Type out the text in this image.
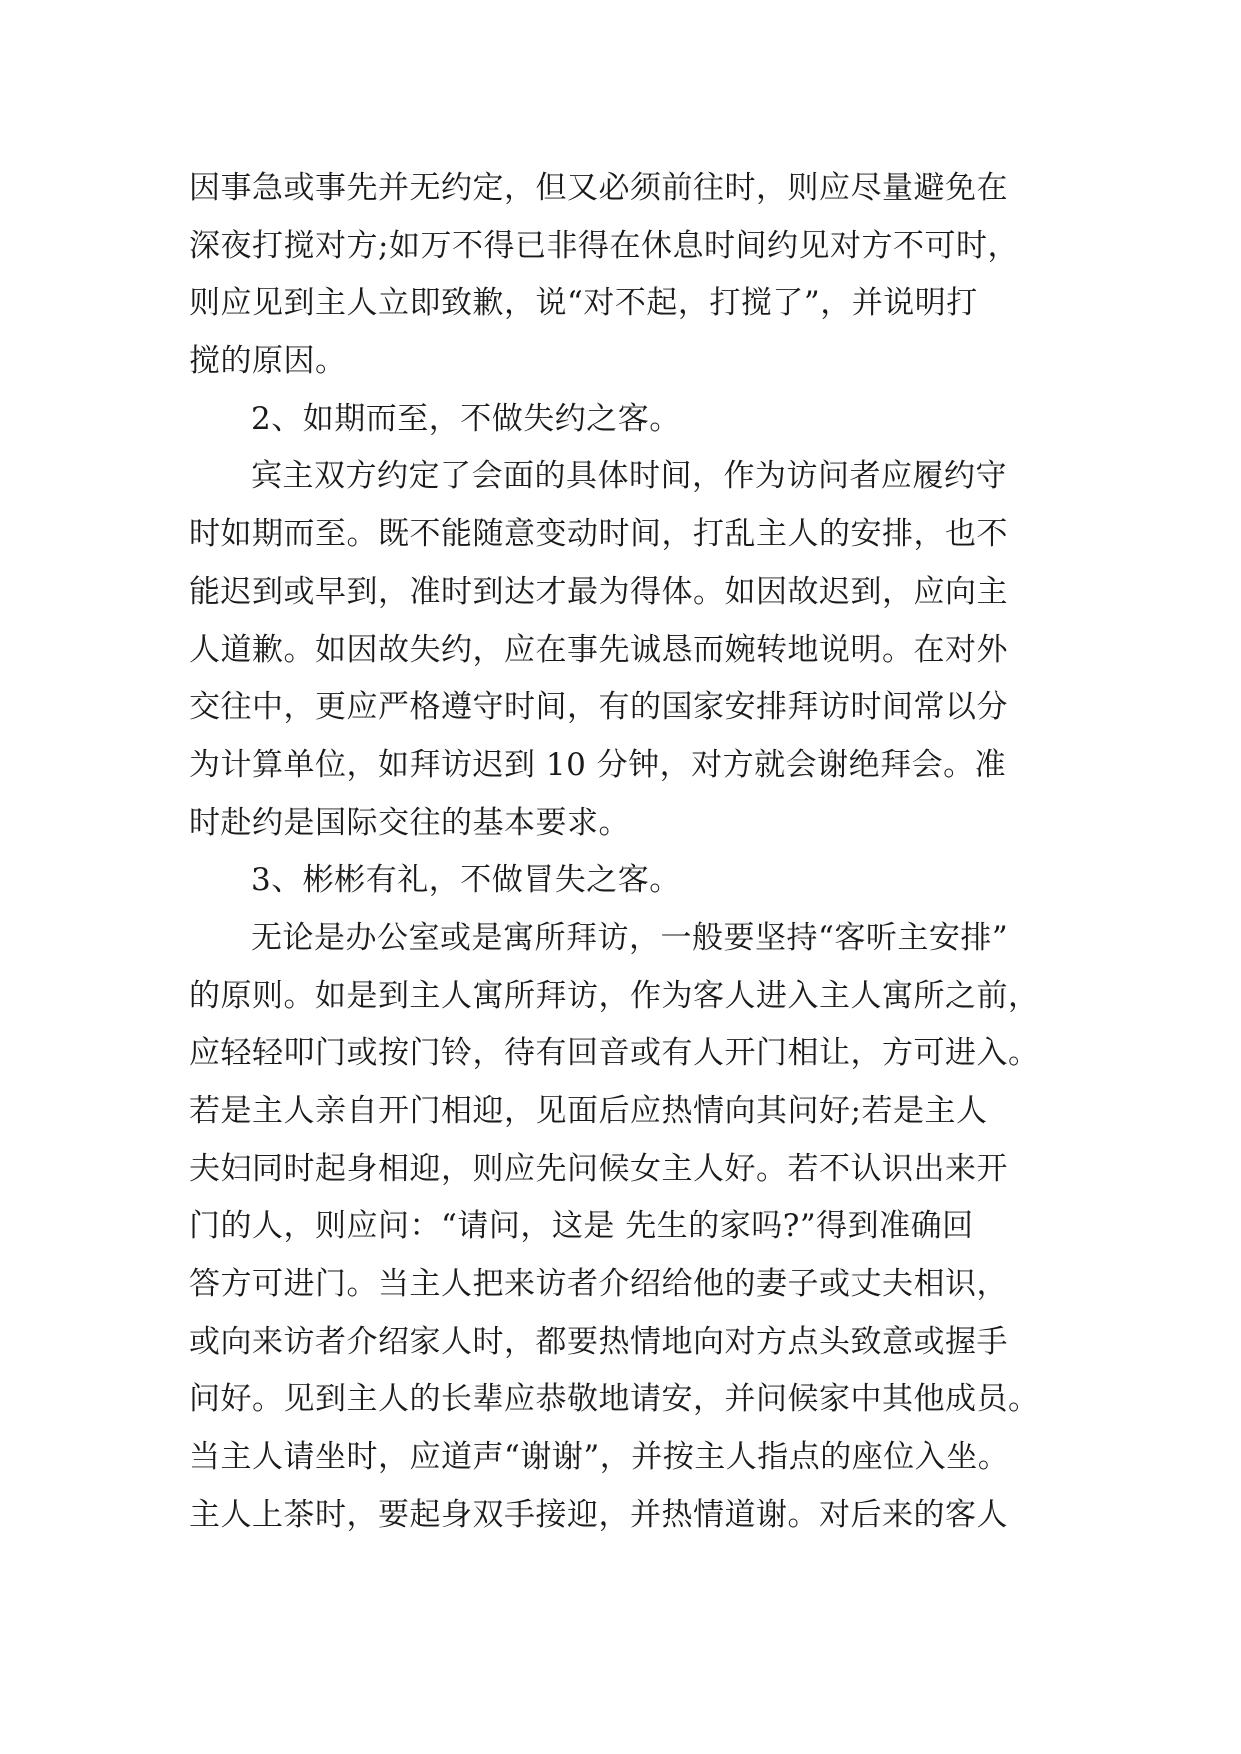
因事急或事先并无约定，但又必须前往时，则应尽量避免在
深夜打搅对方;如万不得已非得在休息时间约见对方不可时，
则应见到主人立即致歉，说“对不起，打搅了”，并说明打
搅的原因。
2、如期而至，不做失约之客。
宾主双方约定了会面的具体时间，作为访问者应履约守
时如期而至。既不能随意变动时间，打乱主人的安排，也不
能迟到或早到，准时到达才最为得体。如因故迟到，应向主
人道歉。如因故失约，应在事先诚恳而婉转地说明。在对外
交往中，更应严格遵守时间，有的国家安排拜访时间常以分
为计算单位，如拜访迟到 10 分钟，对方就会谢绝拜会。准
时赴约是国际交往的基本要求。
3、彬彬有礼，不做冒失之客。
无论是办公室或是寓所拜访，一般要坚持“客听主安排”
的原则。如是到主人寓所拜访，作为客人进入主人寓所之前，
应轻轻叩门或按门铃，待有回音或有人开门相让，方可进入。
若是主人亲自开门相迎，见面后应热情向其问好;若是主人
夫妇同时起身相迎，则应先问候女主人好。若不认识出来开
门的人，则应问：“请问，这是 先生的家吗?”得到准确回
答方可进门。当主人把来访者介绍给他的妻子或丈夫相识，
或向来访者介绍家人时，都要热情地向对方点头致意或握手
问好。见到主人的长辈应恭敬地请安，并问候家中其他成员。
当主人请坐时，应道声“谢谢”，并按主人指点的座位入坐。
主人上茶时，要起身双手接迎，并热情道谢。对后来的客人
